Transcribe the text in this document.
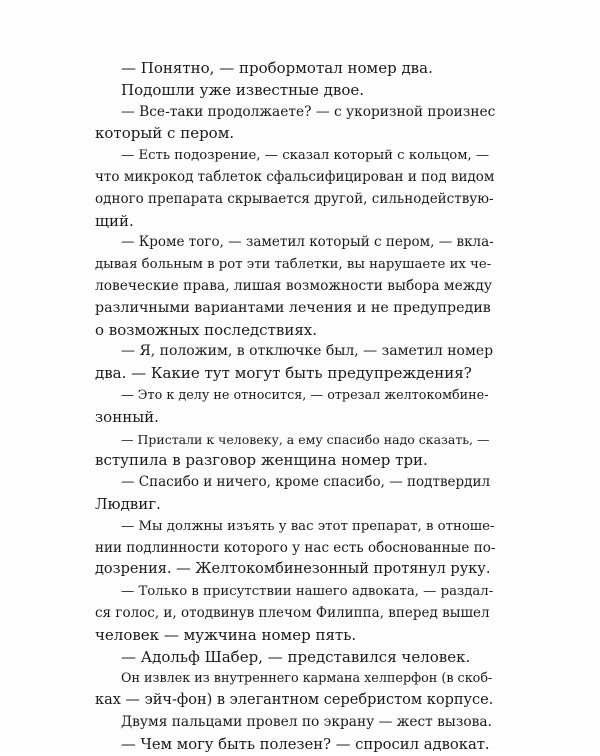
— Понятно, — пробормотал номер два.
Подошли уже известные двое.
— Все-таки продолжаете? — с укоризной произнес
который с пером.
— Есть подозрение, — сказал который с кольцом, —
что микрокод таблеток сфальсифицирован и под видом
одного препарата скрывается другой, сильнодействую-
щий.
— Кроме того, — заметил который с пером, — вкла-
дывая больным в рот эти таблетки, вы нарушаете их че-
ловеческие права, лишая возможности выбора между
различными вариантами лечения и не предупредив
о возможных последствиях.
— Я, положим, в отключке был, — заметил номер
два. — Какие тут могут быть предупреждения?
— Это к делу не относится, — отрезал желтокомбине-
зонный.
— Пристали к человеку, а ему спасибо надо сказать, —
вступила в разговор женщина номер три.
— Спасибо и ничего, кроме спасибо, — подтвердил
Людвиг.
— Мы должны изъять у вас этот препарат, в отноше-
нии подлинности которого у нас есть обоснованные по-
дозрения. — Желтокомбинезонный протянул руку.
— Только в присутствии нашего адвоката, — раздал-
ся голос, и, отодвинув плечом Филиппа, вперед вышел
человек — мужчина номер пять.
— Адольф Шабер, — представился человек.
Он извлек из внутреннего кармана хелперфон (в скоб-
ках — эйч-фон) в элегантном серебристом корпусе.
Двумя пальцами провел по экрану — жест вызова.
— Чем могу быть полезен? — спросил адвокат.
